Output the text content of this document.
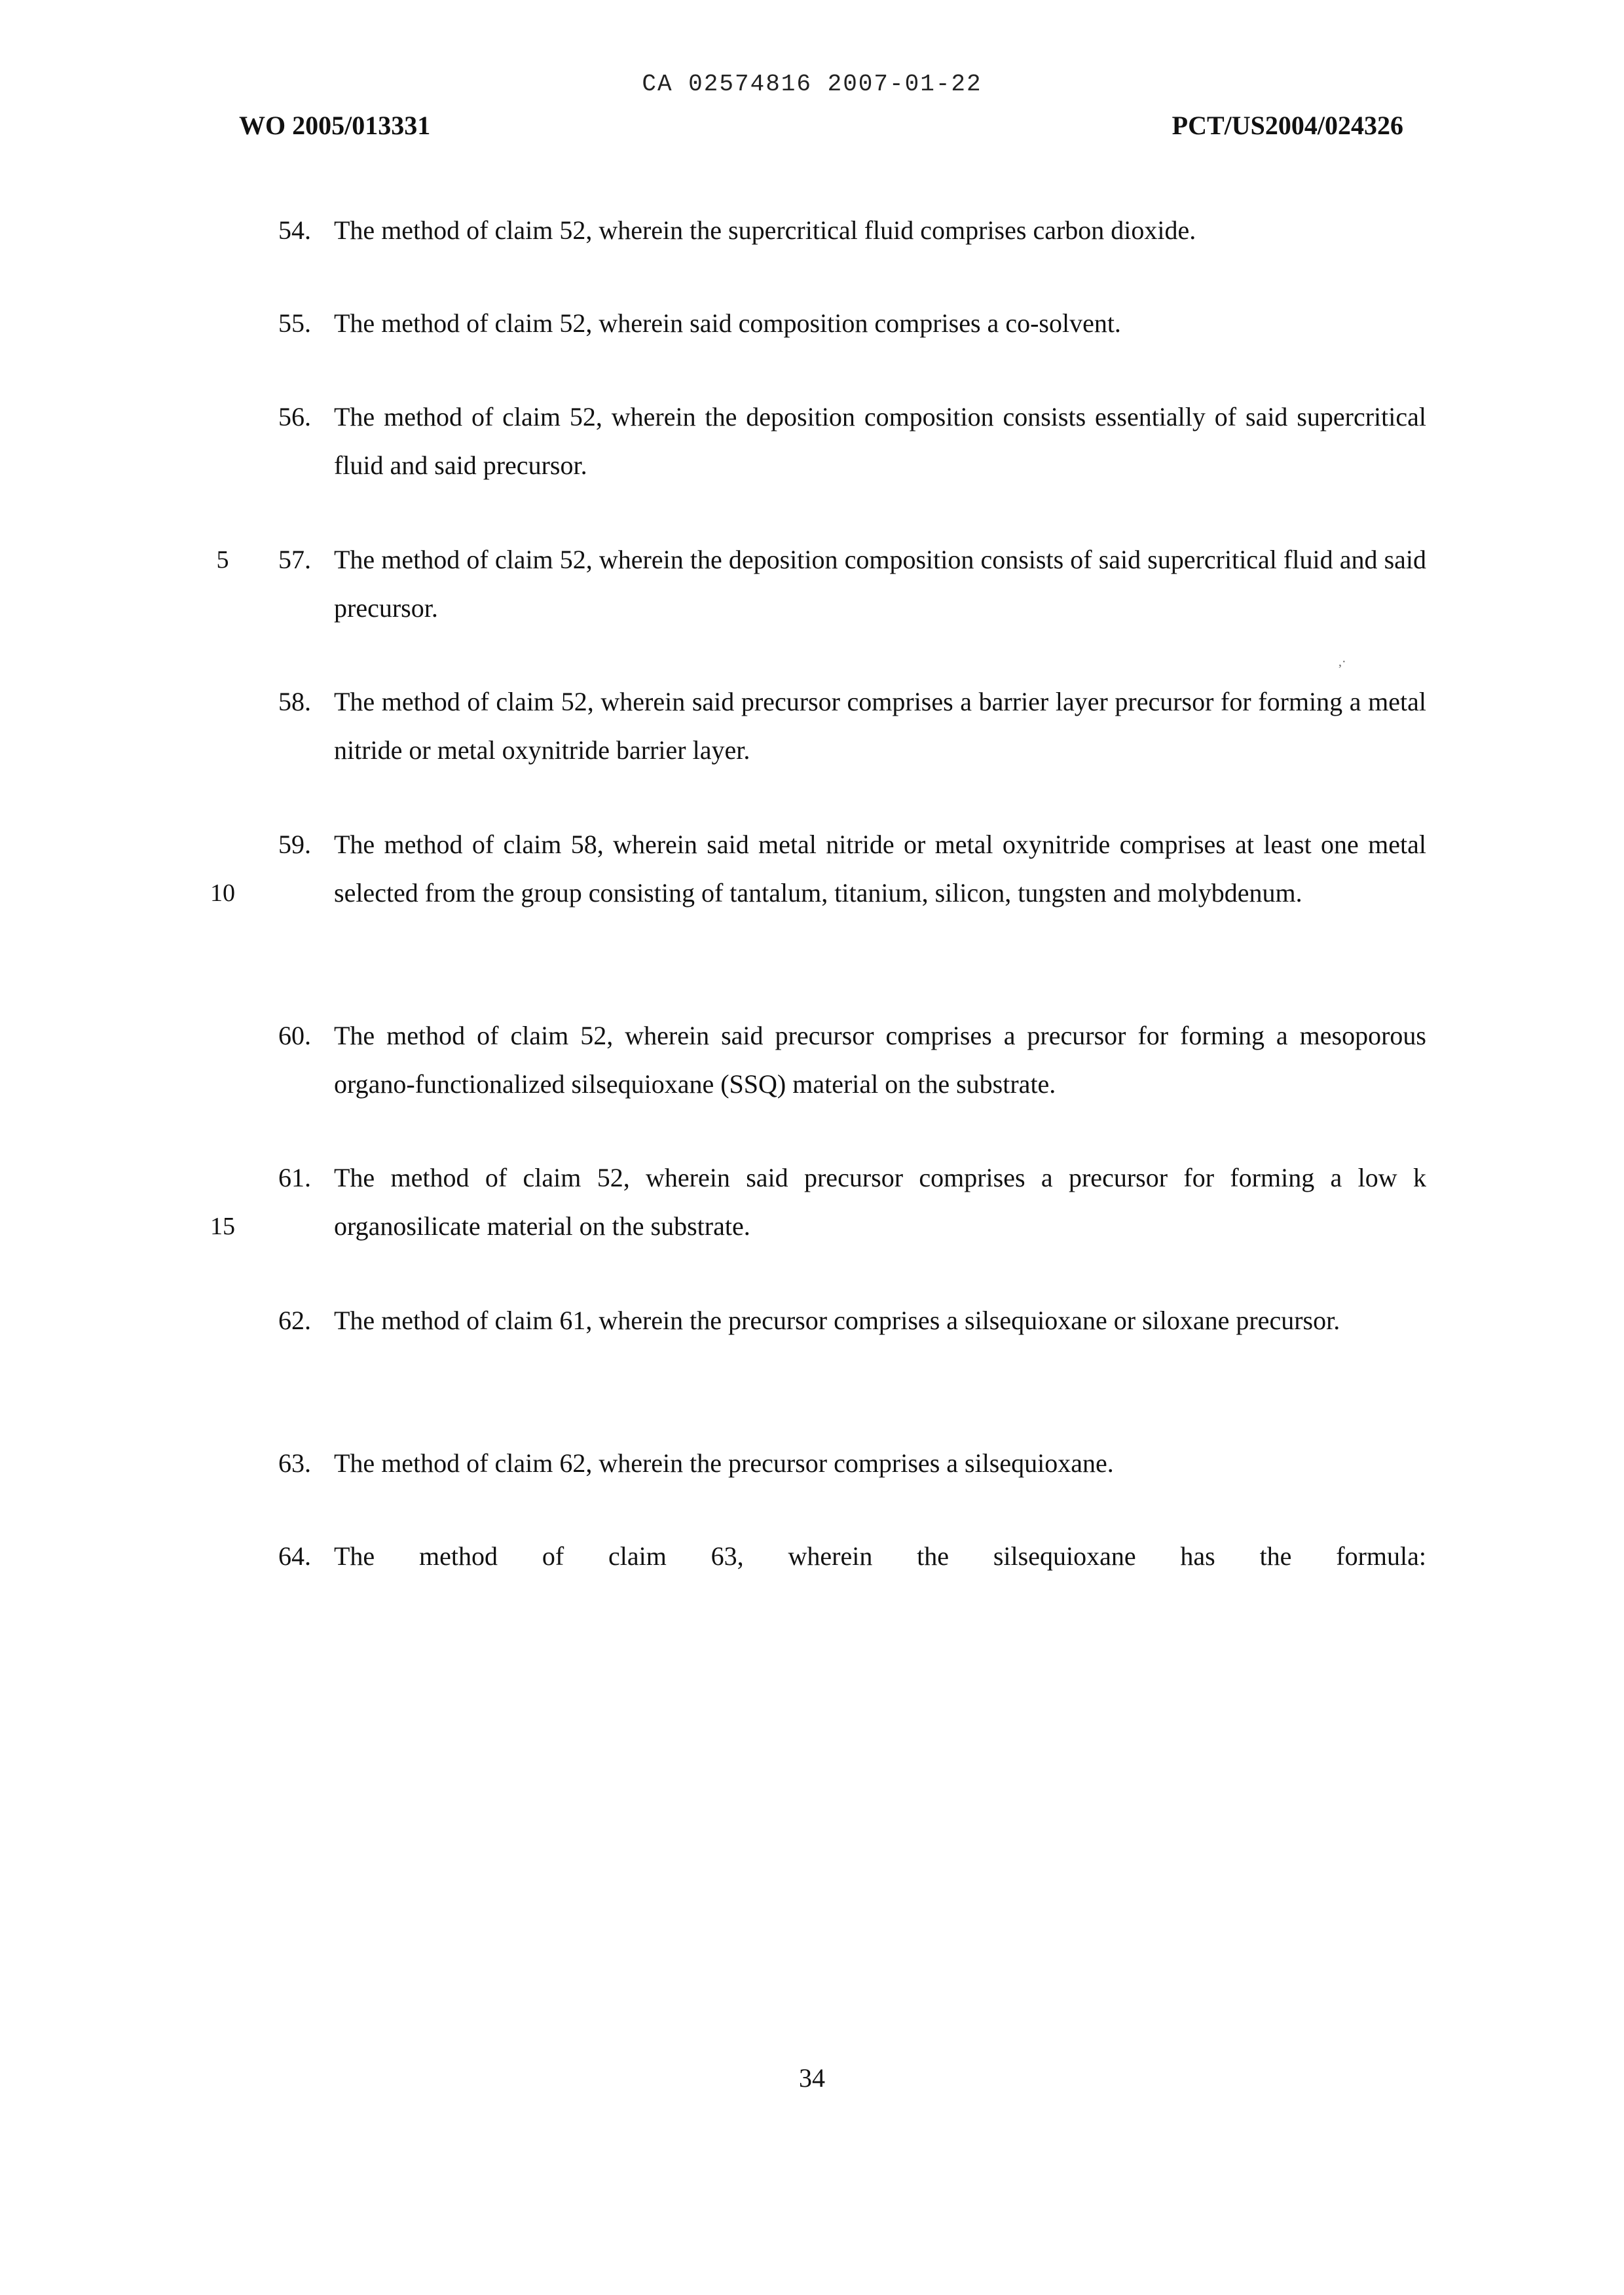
CA 02574816 2007-01-22
WO 2005/013331	PCT/US2004/024326
54. The method of claim 52, wherein the supercritical fluid comprises carbon dioxide.
55. The method of claim 52, wherein said composition comprises a co-solvent.
56. The method of claim 52, wherein the deposition composition consists essentially of said supercritical fluid and said precursor.
5	57. The method of claim 52, wherein the deposition composition consists of said supercritical fluid and said precursor.
,·
58. The method of claim 52, wherein said precursor comprises a barrier layer precursor for forming a metal nitride or metal oxynitride barrier layer.
59. The method of claim 58, wherein said metal nitride or metal oxynitride comprises at least one metal selected from the group consisting of tantalum, titanium, silicon, tungsten and molybdenum.
10
60. The method of claim 52, wherein said precursor comprises a precursor for forming a mesoporous organo-functionalized silsequioxane (SSQ) material on the substrate.
61. The method of claim 52, wherein said precursor comprises a precursor for forming a low k organosilicate material on the substrate.
15
62. The method of claim 61, wherein the precursor comprises a silsequioxane or siloxane precursor.
63. The method of claim 62, wherein the precursor comprises a silsequioxane.
64. The method of claim 63, wherein the silsequioxane has the formula:
34
